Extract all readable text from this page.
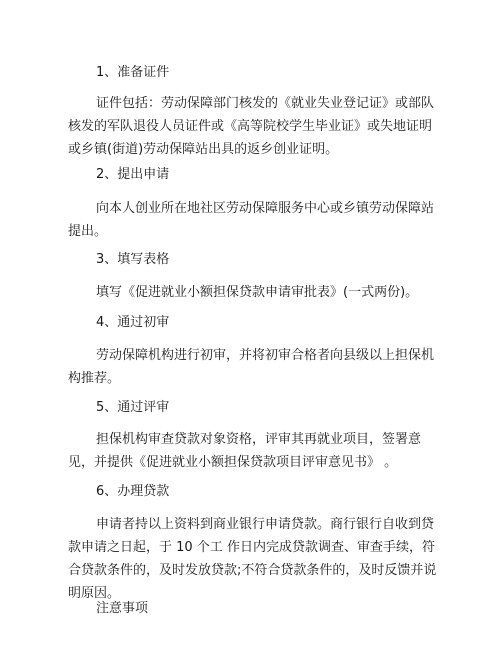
1、准备证件
证件包括：劳动保障部门核发的《就业失业登记证》或部队核发的军队退役人员证件或《高等院校学生毕业证》或失地证明或乡镇(街道)劳动保障站出具的返乡创业证明。
2、提出申请
向本人创业所在地社区劳动保障服务中心或乡镇劳动保障站提出。
3、填写表格
填写《促进就业小额担保贷款申请审批表》(一式两份)。
4、通过初审
劳动保障机构进行初审，并将初审合格者向县级以上担保机构推荐。
5、通过评审
担保机构审查贷款对象资格，评审其再就业项目，签署意见，并提供《促进就业小额担保贷款项目评审意见书》 。
6、办理贷款
申请者持以上资料到商业银行申请贷款。商行银行自收到贷款申请之日起，于 10 个工 作日内完成贷款调查、审查手续，符合贷款条件的，及时发放贷款;不符合贷款条件的，及时反馈并说明原因。
注意事项
